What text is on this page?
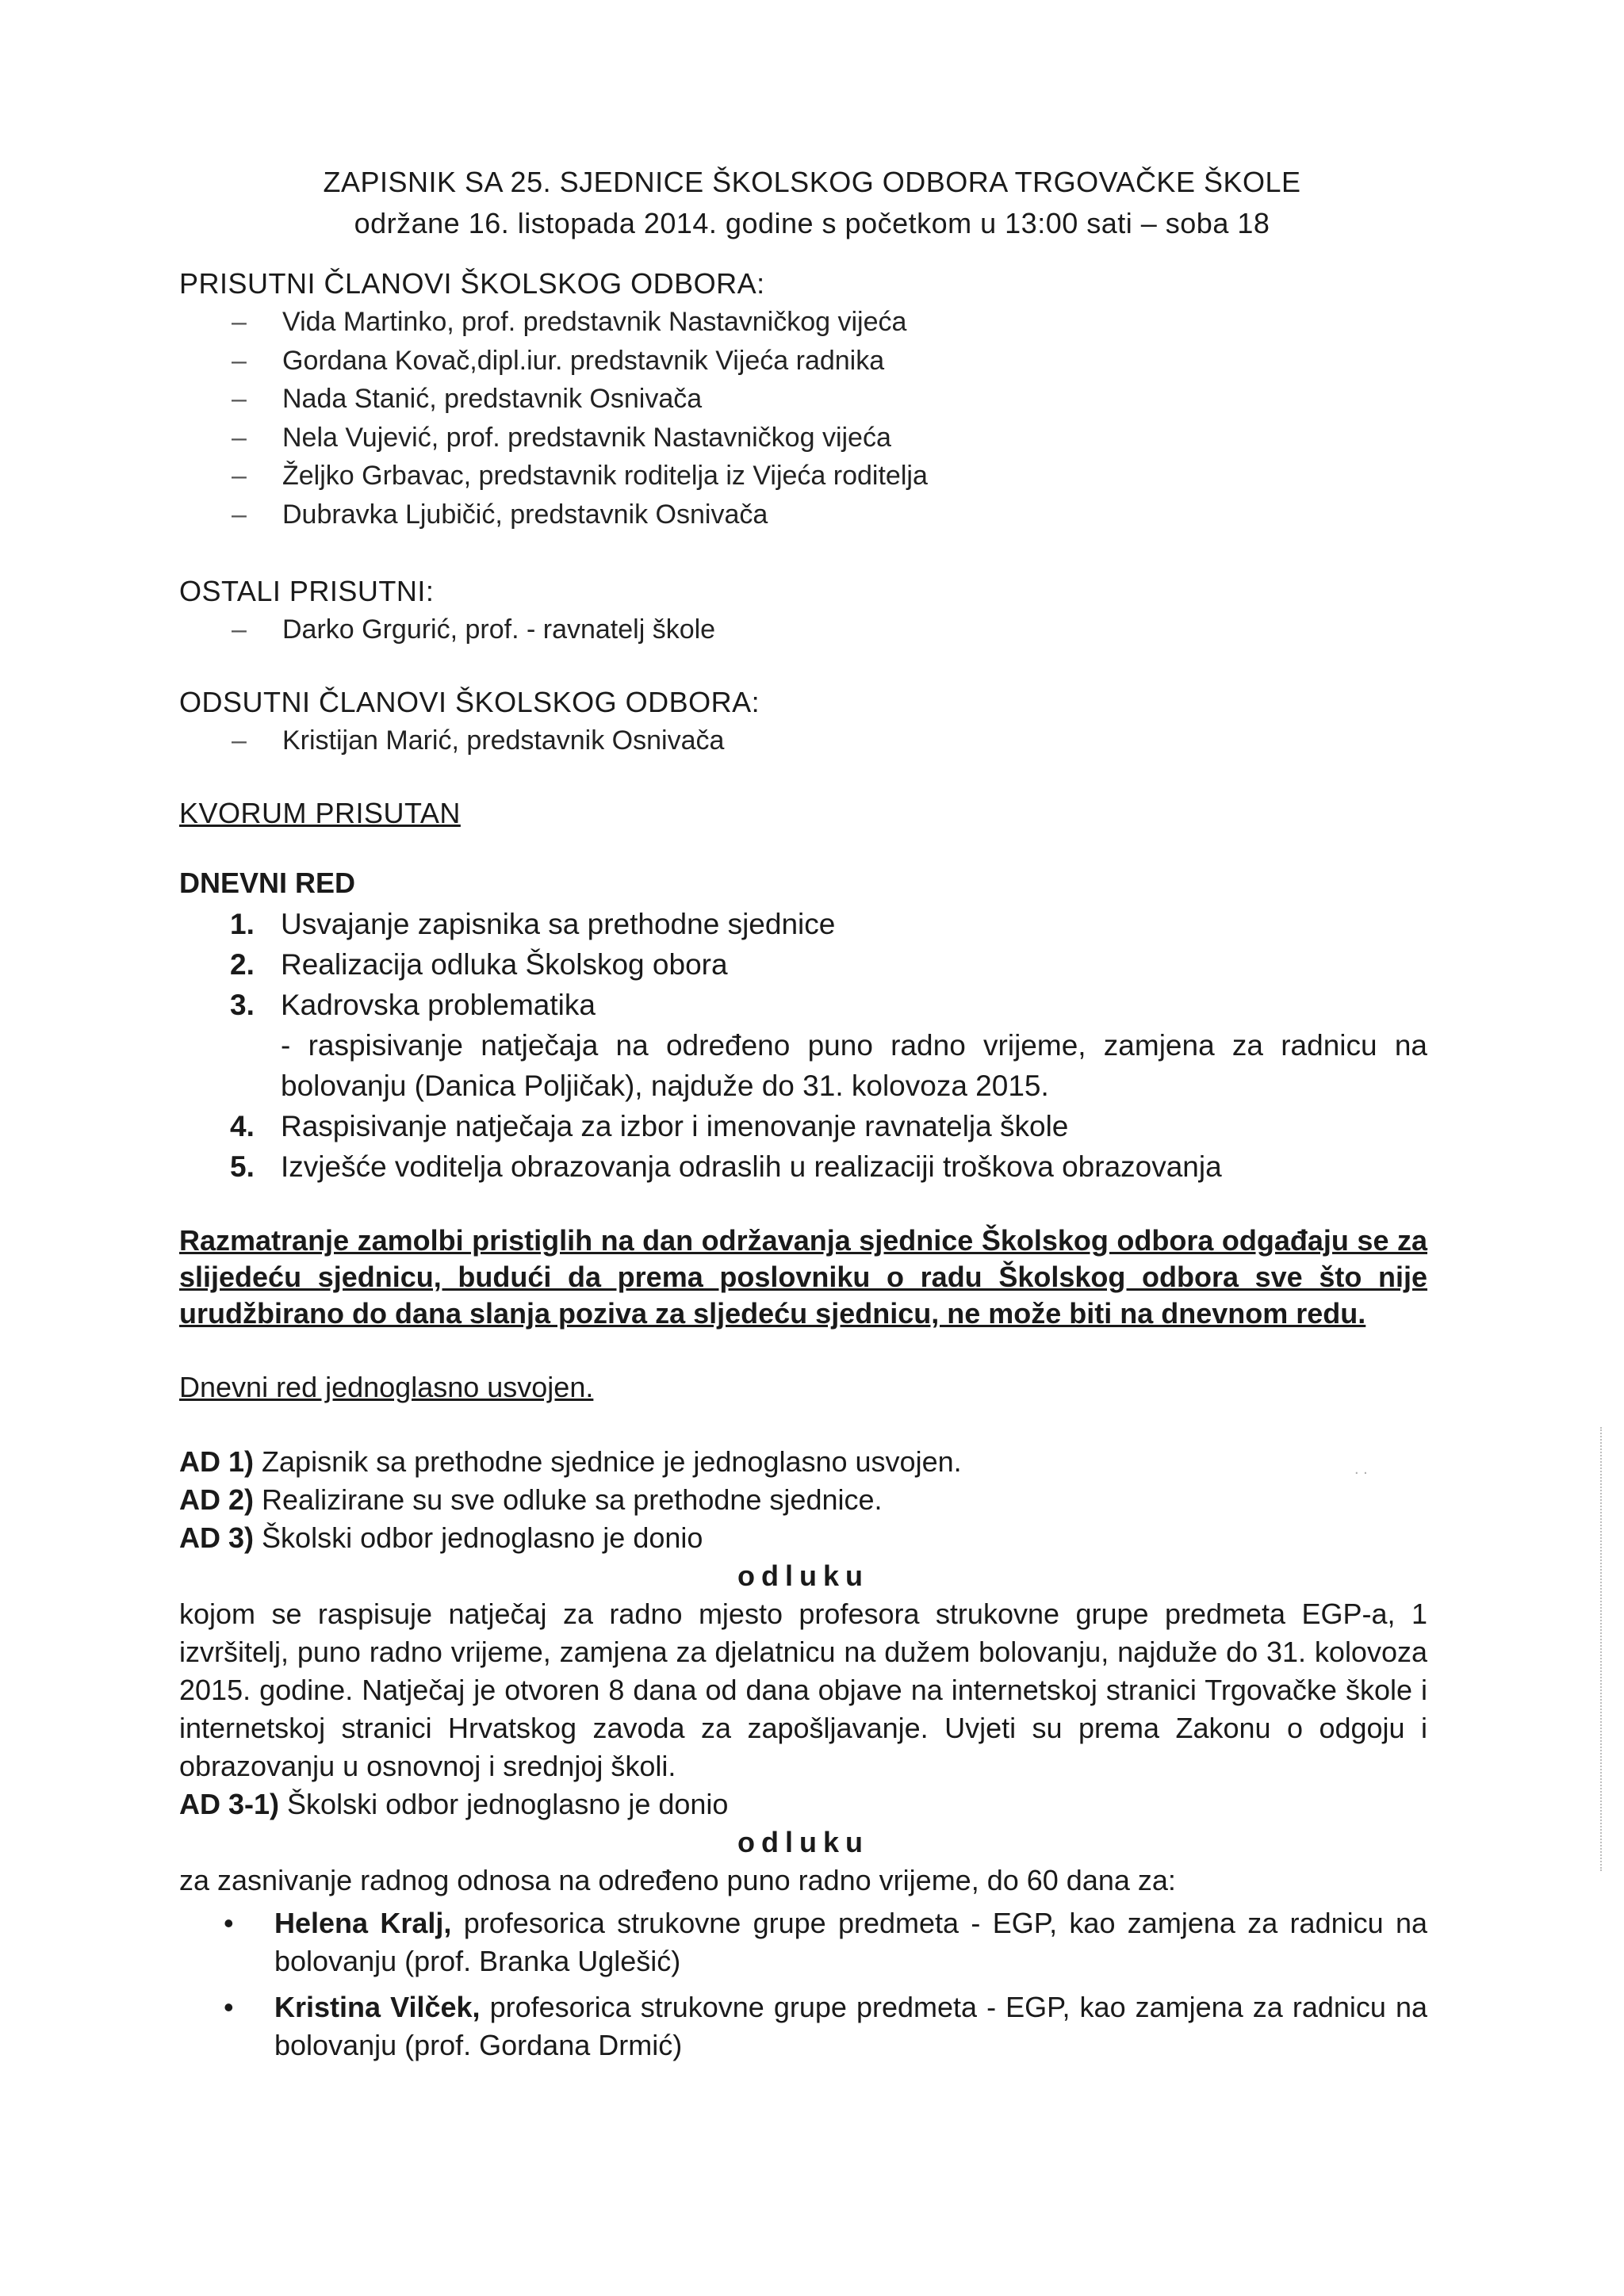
ZAPISNIK SA 25. SJEDNICE ŠKOLSKOG ODBORA TRGOVAČKE ŠKOLE
održane 16. listopada 2014. godine s početkom u 13:00 sati – soba 18
PRISUTNI ČLANOVI ŠKOLSKOG ODBORA:
– Vida Martinko, prof. predstavnik Nastavničkog vijeća
– Gordana Kovač,dipl.iur. predstavnik Vijeća radnika
– Nada Stanić, predstavnik Osnivača
– Nela Vujević, prof. predstavnik Nastavničkog vijeća
– Željko Grbavac, predstavnik roditelja iz Vijeća roditelja
– Dubravka Ljubičić, predstavnik Osnivača
OSTALI PRISUTNI:
– Darko Grgurić, prof. - ravnatelj škole
ODSUTNI ČLANOVI ŠKOLSKOG ODBORA:
– Kristijan Marić, predstavnik Osnivača
KVORUM PRISUTAN
DNEVNI RED
1. Usvajanje zapisnika sa prethodne sjednice
2. Realizacija odluka Školskog obora
3. Kadrovska problematika
- raspisivanje natječaja na određeno puno radno vrijeme, zamjena za radnicu na bolovanju (Danica Poljičak), najduže do 31. kolovoza 2015.
4. Raspisivanje natječaja za izbor i imenovanje ravnatelja škole
5. Izvješće voditelja obrazovanja odraslih u realizaciji troškova obrazovanja
Razmatranje zamolbi pristiglih na dan održavanja sjednice Školskog odbora odgađaju se za slijedeću sjednicu, budući da prema poslovniku o radu Školskog odbora sve što nije urudžbirano do dana slanja poziva za sljedeću sjednicu, ne može biti na dnevnom redu.
Dnevni red jednoglasno usvojen.
AD 1) Zapisnik sa prethodne sjednice je jednoglasno usvojen.
AD 2) Realizirane su sve odluke sa prethodne sjednice.
AD 3) Školski odbor jednoglasno je donio
odluku
kojom se raspisuje natječaj za radno mjesto profesora strukovne grupe predmeta EGP-a, 1 izvršitelj, puno radno vrijeme, zamjena za djelatnicu na dužem bolovanju, najduže do 31. kolovoza 2015. godine. Natječaj je otvoren 8 dana od dana objave na internetskoj stranici Trgovačke škole i internetskoj stranici Hrvatskog zavoda za zapošljavanje. Uvjeti su prema Zakonu o odgoju i obrazovanju u osnovnoj i srednjoj školi.
AD 3-1) Školski odbor jednoglasno je donio
odluku
za zasnivanje radnog odnosa na određeno puno radno vrijeme, do 60 dana za:
• Helena Kralj, profesorica strukovne grupe predmeta - EGP, kao zamjena za radnicu na bolovanju (prof. Branka Uglešić)
• Kristina Vilček, profesorica strukovne grupe predmeta - EGP, kao zamjena za radnicu na bolovanju (prof. Gordana Drmić)
. .
